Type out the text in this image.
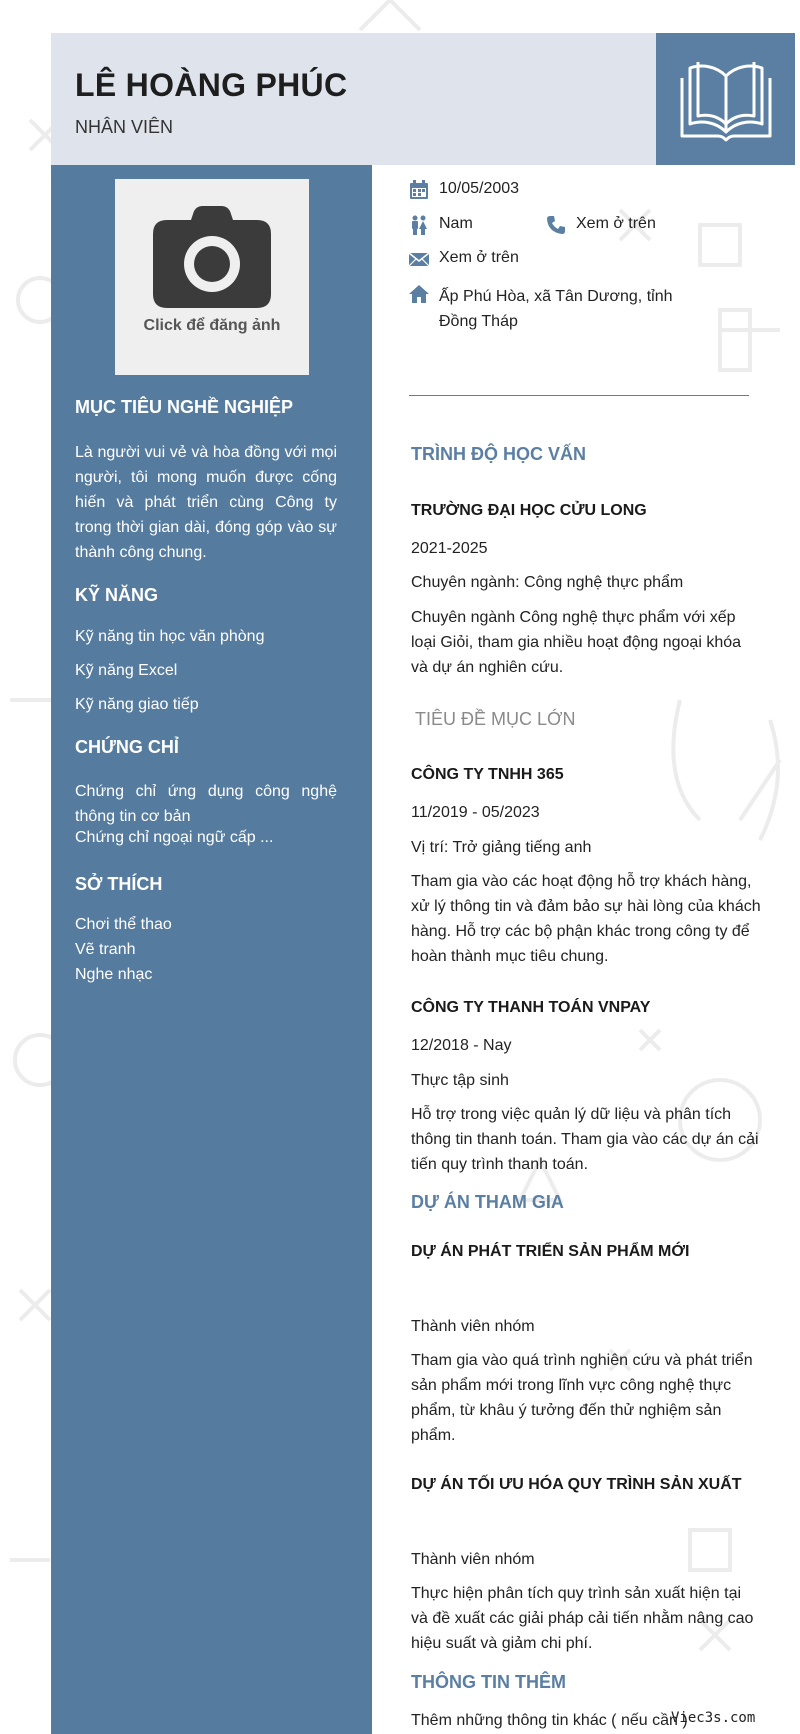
LÊ HOÀNG PHÚC
NHÂN VIÊN
Click để đăng ảnh
MỤC TIÊU NGHỀ NGHIỆP
Là người vui vẻ và hòa đồng với mọi người, tôi mong muốn được cống hiến và phát triển cùng Công ty trong thời gian dài, đóng góp vào sự thành công chung.
KỸ NĂNG
Kỹ năng tin học văn phòng
Kỹ năng Excel
Kỹ năng giao tiếp
CHỨNG CHỈ
Chứng chỉ ứng dụng công nghệ thông tin cơ bản
Chứng chỉ ngoại ngữ cấp ...
SỞ THÍCH
Chơi thể thao
Vẽ tranh
Nghe nhạc
10/05/2003
Nam	Xem ở trên
Xem ở trên
Ấp Phú Hòa, xã Tân Dương, tỉnh
Đồng Tháp
TRÌNH ĐỘ HỌC VẤN
TRƯỜNG ĐẠI HỌC CỬU LONG
2021-2025
Chuyên ngành: Công nghệ thực phẩm
Chuyên ngành Công nghệ thực phẩm với xếp loại Giỏi, tham gia nhiều hoạt động ngoại khóa và dự án nghiên cứu.
TIÊU ĐỀ MỤC LỚN
CÔNG TY TNHH 365
11/2019 - 05/2023
Vị trí: Trở giảng tiếng anh
Tham gia vào các hoạt động hỗ trợ khách hàng, xử lý thông tin và đảm bảo sự hài lòng của khách hàng. Hỗ trợ các bộ phận khác trong công ty để hoàn thành mục tiêu chung.
CÔNG TY THANH TOÁN VNPAY
12/2018 - Nay
Thực tập sinh
Hỗ trợ trong việc quản lý dữ liệu và phân tích thông tin thanh toán. Tham gia vào các dự án cải tiến quy trình thanh toán.
DỰ ÁN THAM GIA
DỰ ÁN PHÁT TRIỂN SẢN PHẨM MỚI
Thành viên nhóm
Tham gia vào quá trình nghiên cứu và phát triển sản phẩm mới trong lĩnh vực công nghệ thực phẩm, từ khâu ý tưởng đến thử nghiệm sản phẩm.
DỰ ÁN TỐI ƯU HÓA QUY TRÌNH SẢN XUẤT
Thành viên nhóm
Thực hiện phân tích quy trình sản xuất hiện tại và đề xuất các giải pháp cải tiến nhằm nâng cao hiệu suất và giảm chi phí.
THÔNG TIN THÊM
Thêm những thông tin khác ( nếu cần )
Viec3s.com
